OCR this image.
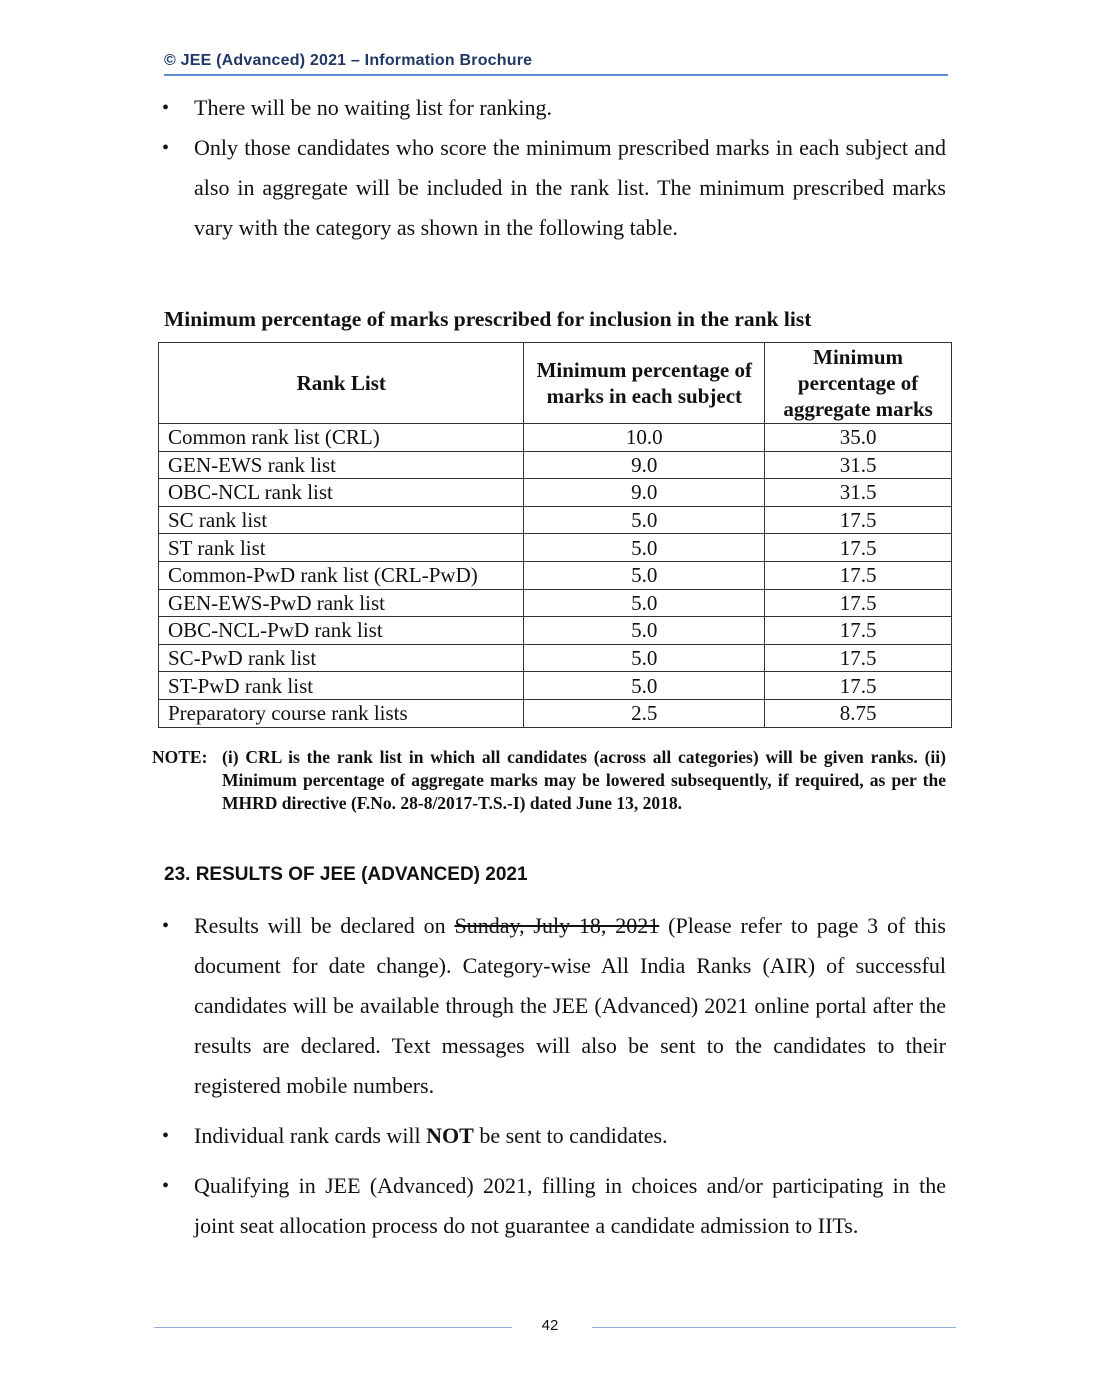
© JEE (Advanced) 2021 – Information Brochure
• There will be no waiting list for ranking.
• Only those candidates who score the minimum prescribed marks in each subject and also in aggregate will be included in the rank list. The minimum prescribed marks vary with the category as shown in the following table.
Minimum percentage of marks prescribed for inclusion in the rank list
Rank List	Minimum percentage of marks in each subject	Minimum percentage of aggregate marks
Common rank list (CRL)	10.0	35.0
GEN-EWS rank list	9.0	31.5
OBC-NCL rank list	9.0	31.5
SC rank list	5.0	17.5
ST rank list	5.0	17.5
Common-PwD rank list (CRL-PwD)	5.0	17.5
GEN-EWS-PwD rank list	5.0	17.5
OBC-NCL-PwD rank list	5.0	17.5
SC-PwD rank list	5.0	17.5
ST-PwD rank list	5.0	17.5
Preparatory course rank lists	2.5	8.75
NOTE: (i) CRL is the rank list in which all candidates (across all categories) will be given ranks. (ii) Minimum percentage of aggregate marks may be lowered subsequently, if required, as per the MHRD directive (F.No. 28-8/2017-T.S.-I) dated June 13, 2018.
23. RESULTS OF JEE (ADVANCED) 2021
• Results will be declared on Sunday, July 18, 2021 (Please refer to page 3 of this document for date change). Category-wise All India Ranks (AIR) of successful candidates will be available through the JEE (Advanced) 2021 online portal after the results are declared. Text messages will also be sent to the candidates to their registered mobile numbers.
• Individual rank cards will NOT be sent to candidates.
• Qualifying in JEE (Advanced) 2021, filling in choices and/or participating in the joint seat allocation process do not guarantee a candidate admission to IITs.
42
